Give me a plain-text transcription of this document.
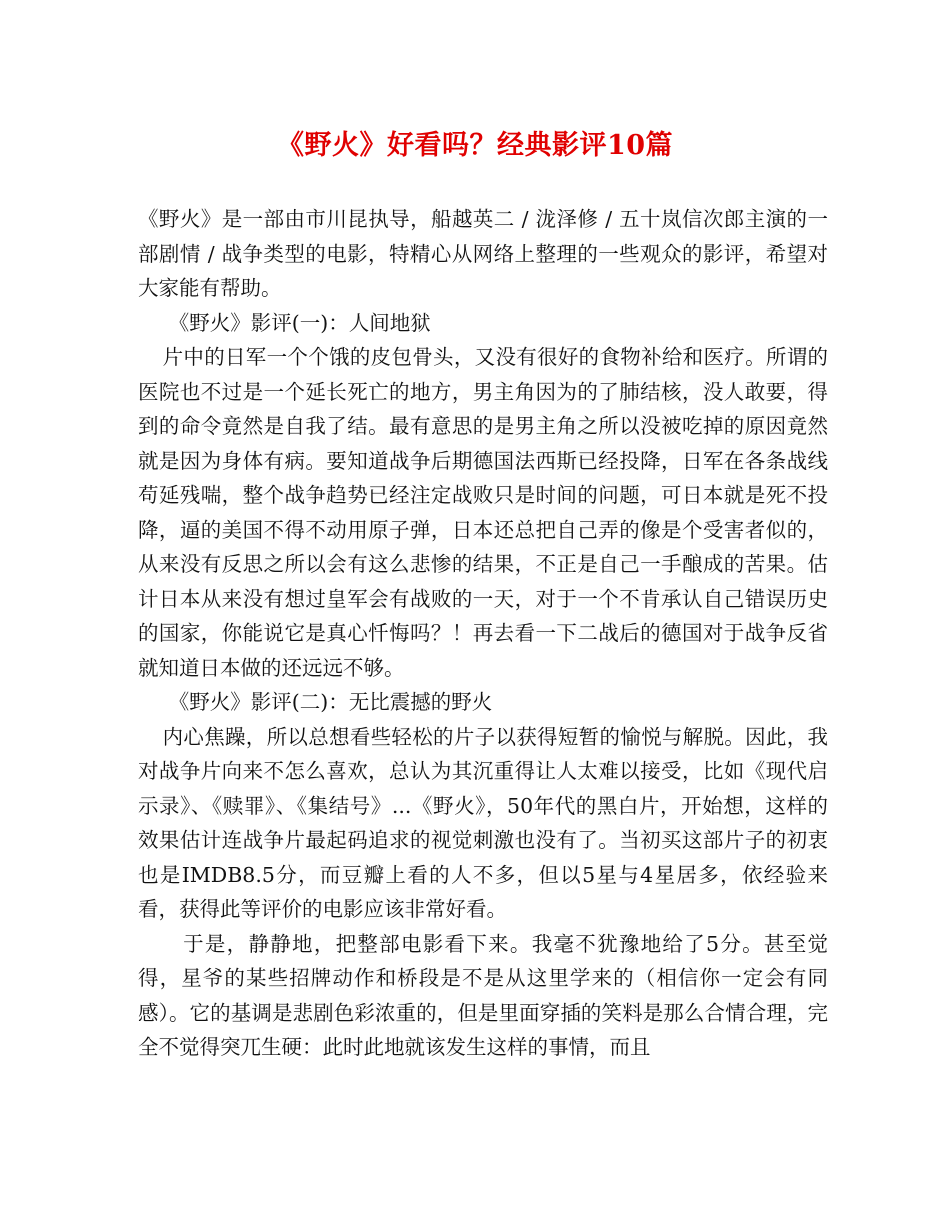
《野火》好看吗？经典影评10篇

《野火》是一部由市川昆执导，船越英二 / 泷泽修 / 五十岚信次郎主演的一部剧情 / 战争类型的电影，特精心从网络上整理的一些观众的影评，希望对大家能有帮助。

《野火》影评(一)：人间地狱

片中的日军一个个饿的皮包骨头，又没有很好的食物补给和医疗。所谓的医院也不过是一个延长死亡的地方，男主角因为的了肺结核，没人敢要，得到的命令竟然是自我了结。最有意思的是男主角之所以没被吃掉的原因竟然就是因为身体有病。要知道战争后期德国法西斯已经投降，日军在各条战线苟延残喘，整个战争趋势已经注定战败只是时间的问题，可日本就是死不投降，逼的美国不得不动用原子弹，日本还总把自己弄的像是个受害者似的，从来没有反思之所以会有这么悲惨的结果，不正是自己一手酿成的苦果。估计日本从来没有想过皇军会有战败的一天，对于一个不肯承认自己错误历史的国家，你能说它是真心忏悔吗？！再去看一下二战后的德国对于战争反省就知道日本做的还远远不够。

《野火》影评(二)：无比震撼的野火

内心焦躁，所以总想看些轻松的片子以获得短暂的愉悦与解脱。因此，我对战争片向来不怎么喜欢，总认为其沉重得让人太难以接受，比如《现代启示录》、《赎罪》、《集结号》...《野火》，50年代的黑白片，开始想，这样的效果估计连战争片最起码追求的视觉刺激也没有了。当初买这部片子的初衷也是IMDB8.5分，而豆瓣上看的人不多，但以5星与4星居多，依经验来看，获得此等评价的电影应该非常好看。

于是，静静地，把整部电影看下来。我毫不犹豫地给了5分。甚至觉得，星爷的某些招牌动作和桥段是不是从这里学来的（相信你一定会有同感）。它的基调是悲剧色彩浓重的，但是里面穿插的笑料是那么合情合理，完全不觉得突兀生硬：此时此地就该发生这样的事情，而且
